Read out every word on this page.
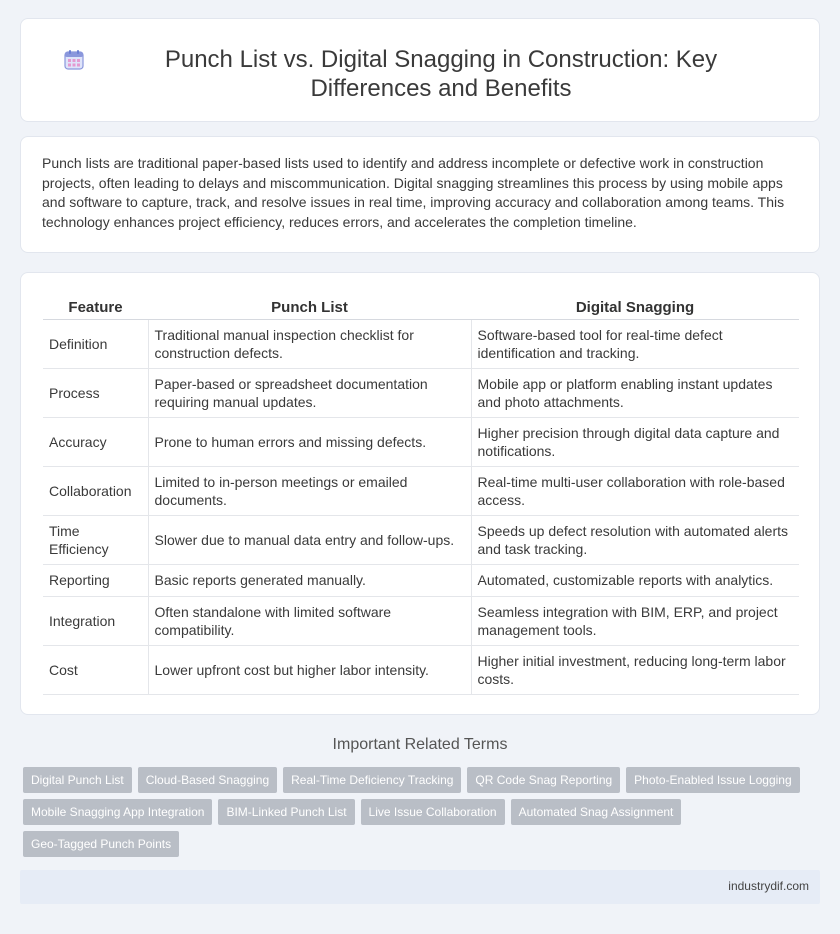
Punch List vs. Digital Snagging in Construction: Key Differences and Benefits

Punch lists are traditional paper-based lists used to identify and address incomplete or defective work in construction projects, often leading to delays and miscommunication. Digital snagging streamlines this process by using mobile apps and software to capture, track, and resolve issues in real time, improving accuracy and collaboration among teams. This technology enhances project efficiency, reduces errors, and accelerates the completion timeline.

Feature	Punch List	Digital Snagging
Definition	Traditional manual inspection checklist for construction defects.	Software-based tool for real-time defect identification and tracking.
Process	Paper-based or spreadsheet documentation requiring manual updates.	Mobile app or platform enabling instant updates and photo attachments.
Accuracy	Prone to human errors and missing defects.	Higher precision through digital data capture and notifications.
Collaboration	Limited to in-person meetings or emailed documents.	Real-time multi-user collaboration with role-based access.
Time Efficiency	Slower due to manual data entry and follow-ups.	Speeds up defect resolution with automated alerts and task tracking.
Reporting	Basic reports generated manually.	Automated, customizable reports with analytics.
Integration	Often standalone with limited software compatibility.	Seamless integration with BIM, ERP, and project management tools.
Cost	Lower upfront cost but higher labor intensity.	Higher initial investment, reducing long-term labor costs.
Important Related Terms
Digital Punch List	Cloud-Based Snagging	Real-Time Deficiency Tracking	QR Code Snag Reporting	Photo-Enabled Issue Logging
Mobile Snagging App Integration	BIM-Linked Punch List	Live Issue Collaboration	Automated Snag Assignment
Geo-Tagged Punch Points
industrydif.com
